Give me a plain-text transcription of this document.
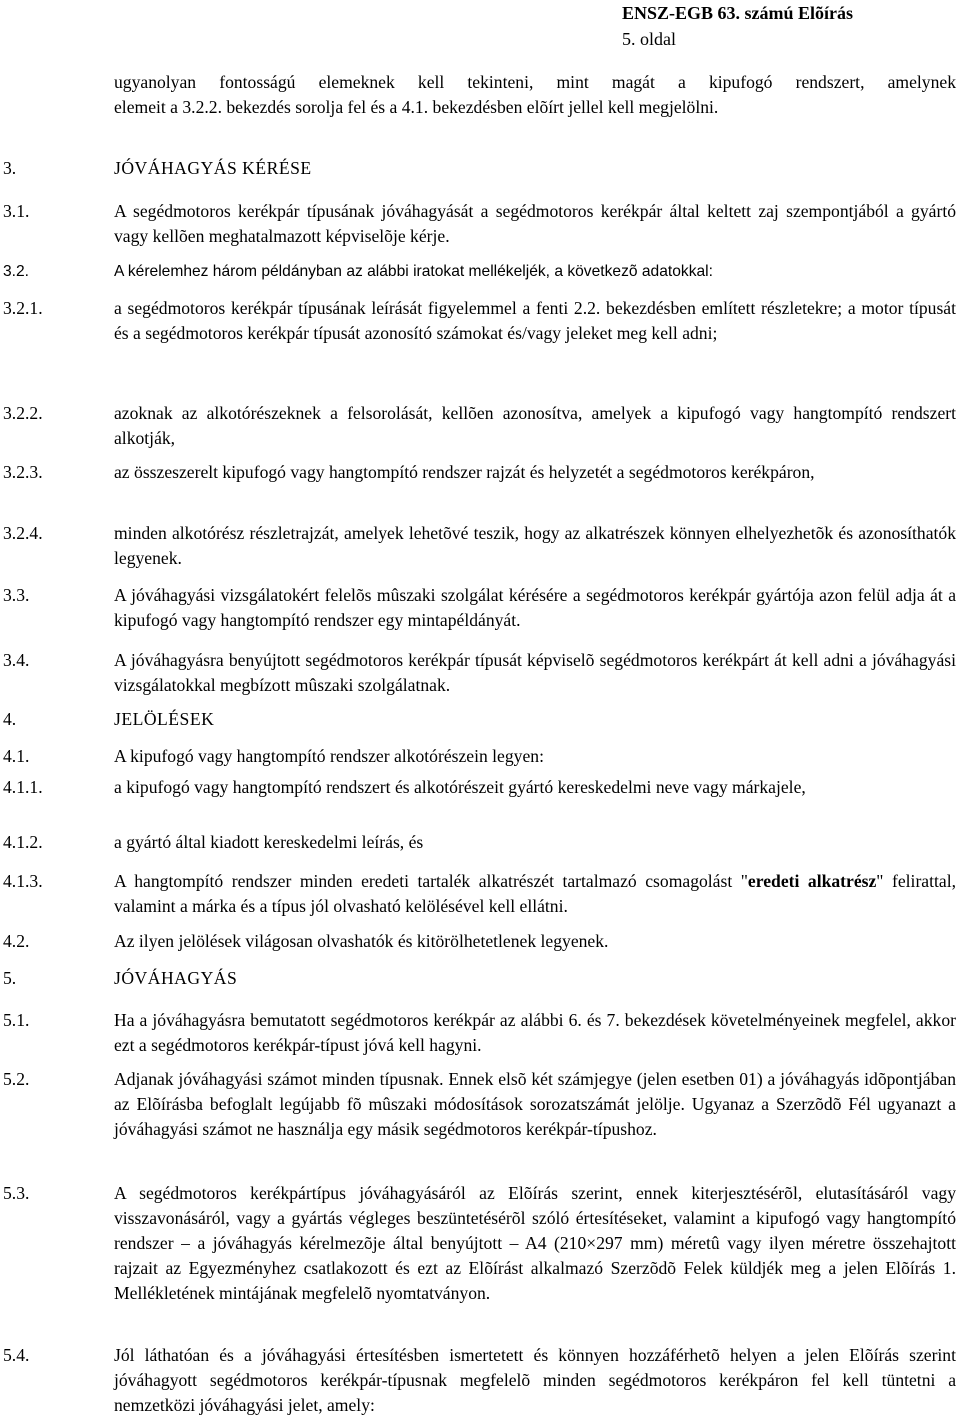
ENSZ-EGB 63. számú Elõírás
5. oldal
ugyanolyan fontosságú elemeknek kell tekinteni, mint magát a kipufogó rendszert, amelynek
elemeit a 3.2.2. bekezdés sorolja fel és a 4.1. bekezdésben elõírt jellel kell megjelölni.
3.	JÓVÁHAGYÁS KÉRÉSE
3.1.	A segédmotoros kerékpár típusának jóváhagyását a segédmotoros kerékpár által keltett zaj szempontjából a gyártó vagy kellõen meghatalmazott képviselõje kérje.
3.2.	A kérelemhez három példányban az alábbi iratokat mellékeljék, a következõ adatokkal:
3.2.1.	a segédmotoros kerékpár típusának leírását figyelemmel a fenti 2.2. bekezdésben említett részletekre; a motor típusát és a segédmotoros kerékpár típusát azonosító számokat és/vagy jeleket meg kell adni;
3.2.2.	azoknak az alkotórészeknek a felsorolását, kellõen azonosítva, amelyek a kipufogó vagy hangtompító rendszert alkotják,
3.2.3.	az összeszerelt kipufogó vagy hangtompító rendszer rajzát és helyzetét a segédmotoros kerékpáron,
3.2.4.	minden alkotórész részletrajzát, amelyek lehetõvé teszik, hogy az alkatrészek könnyen elhelyezhetõk és azonosíthatók legyenek.
3.3.	A jóváhagyási vizsgálatokért felelõs mûszaki szolgálat kérésére a segédmotoros kerékpár gyártója azon felül adja át a kipufogó vagy hangtompító rendszer egy mintapéldányát.
3.4.	A jóváhagyásra benyújtott segédmotoros kerékpár típusát képviselõ segédmotoros kerékpárt át kell adni a jóváhagyási vizsgálatokkal megbízott mûszaki szolgálatnak.
4.	JELÖLÉSEK
4.1.	A kipufogó vagy hangtompító rendszer alkotórészein legyen:
4.1.1.	a kipufogó vagy hangtompító rendszert és alkotórészeit gyártó kereskedelmi neve vagy márkajele,
4.1.2.	a gyártó által kiadott kereskedelmi leírás, és
4.1.3.	A hangtompító rendszer minden eredeti tartalék alkatrészét tartalmazó csomagolást "eredeti alkatrész" felirattal, valamint a márka és a típus jól olvasható kelölésével kell ellátni.
4.2.	Az ilyen jelölések világosan olvashatók és kitörölhetetlenek legyenek.
5.	JÓVÁHAGYÁS
5.1.	Ha a jóváhagyásra bemutatott segédmotoros kerékpár az alábbi 6. és 7. bekezdések követelményeinek megfelel, akkor ezt a segédmotoros kerékpár-típust jóvá kell hagyni.
5.2.	Adjanak jóváhagyási számot minden típusnak. Ennek elsõ két számjegye (jelen esetben 01) a jóváhagyás idõpontjában az Elõírásba befoglalt legújabb fõ mûszaki módosítások sorozatszámát jelölje. Ugyanaz a Szerzõdõ Fél ugyanazt a jóváhagyási számot ne használja egy másik segédmotoros kerékpár-típushoz.
5.3.	A segédmotoros kerékpártípus jóváhagyásáról az Elõírás szerint, ennek kiterjesztésérõl, elutasításáról vagy visszavonásáról, vagy a gyártás végleges beszüntetésérõl szóló értesítéseket, valamint a kipufogó vagy hangtompító rendszer – a jóváhagyás kérelmezõje által benyújtott – A4 (210×297 mm) méretû vagy ilyen méretre összehajtott rajzait az Egyezményhez csatlakozott és ezt az Elõírást alkalmazó Szerzõdõ Felek küldjék meg a jelen Elõírás 1. Mellékletének mintájának megfelelõ nyomtatványon.
5.4.	Jól láthatóan és a jóváhagyási értesítésben ismertetett és könnyen hozzáférhetõ helyen a jelen Elõírás szerint jóváhagyott segédmotoros kerékpár-típusnak megfelelõ minden segédmotoros kerékpáron fel kell tüntetni a nemzetközi jóváhagyási jelet, amely:
